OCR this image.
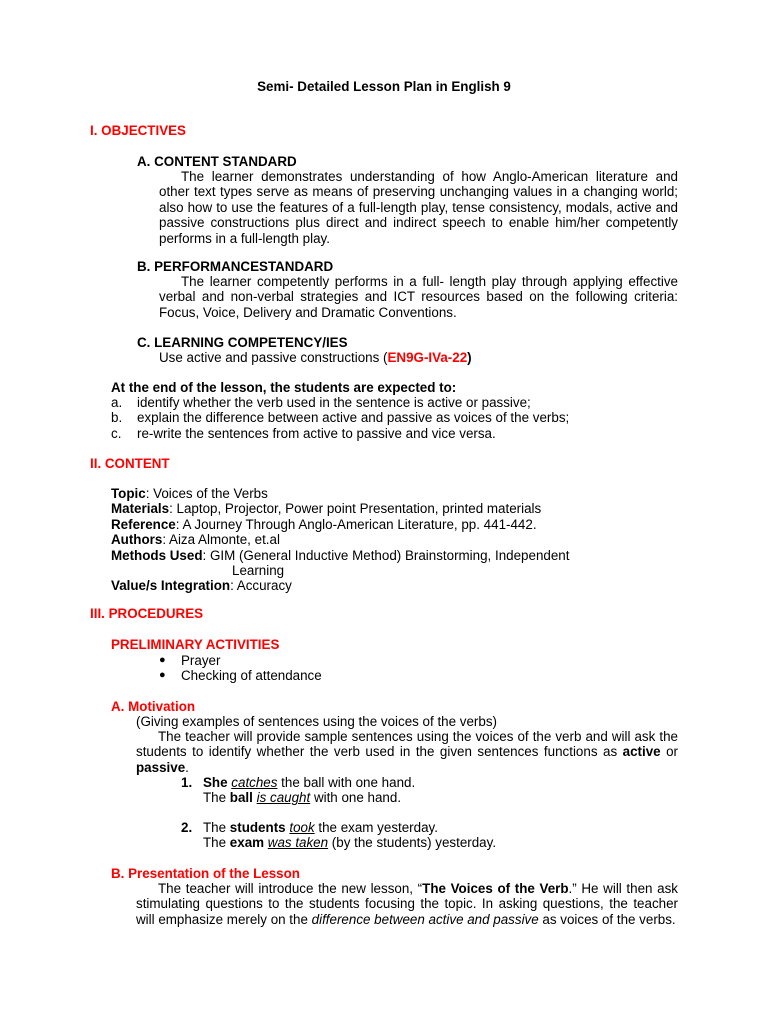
Semi- Detailed Lesson Plan in English 9
I. OBJECTIVES
A. CONTENT STANDARD
The learner demonstrates understanding of how Anglo-American literature and other text types serve as means of preserving unchanging values in a changing world; also how to use the features of a full-length play, tense consistency, modals, active and passive constructions plus direct and indirect speech to enable him/her competently performs in a full-length play.
B. PERFORMANCESTANDARD
The learner competently performs in a full- length play through applying effective verbal and non-verbal strategies and ICT resources based on the following criteria: Focus, Voice, Delivery and Dramatic Conventions.
C. LEARNING COMPETENCY/IES
Use active and passive constructions (EN9G-IVa-22)
At the end of the lesson, the students are expected to:
a.	identify whether the verb used in the sentence is active or passive;
b.	explain the difference between active and passive as voices of the verbs;
c.	re-write the sentences from active to passive and vice versa.
II. CONTENT
Topic: Voices of the Verbs
Materials: Laptop, Projector, Power point Presentation, printed materials
Reference: A Journey Through Anglo-American Literature, pp. 441-442.
Authors: Aiza Almonte, et.al
Methods Used: GIM (General Inductive Method) Brainstorming, Independent
Learning
Value/s Integration: Accuracy
III. PROCEDURES
PRELIMINARY ACTIVITIES
●	Prayer
●	Checking of attendance
A. Motivation
(Giving examples of sentences using the voices of the verbs)
The teacher will provide sample sentences using the voices of the verb and will ask the students to identify whether the verb used in the given sentences functions as active or passive.
1. She catches the ball with one hand.
The ball is caught with one hand.
2. The students took the exam yesterday.
The exam was taken (by the students) yesterday.
B. Presentation of the Lesson
The teacher will introduce the new lesson, “The Voices of the Verb.” He will then ask stimulating questions to the students focusing the topic. In asking questions, the teacher will emphasize merely on the difference between active and passive as voices of the verbs.
